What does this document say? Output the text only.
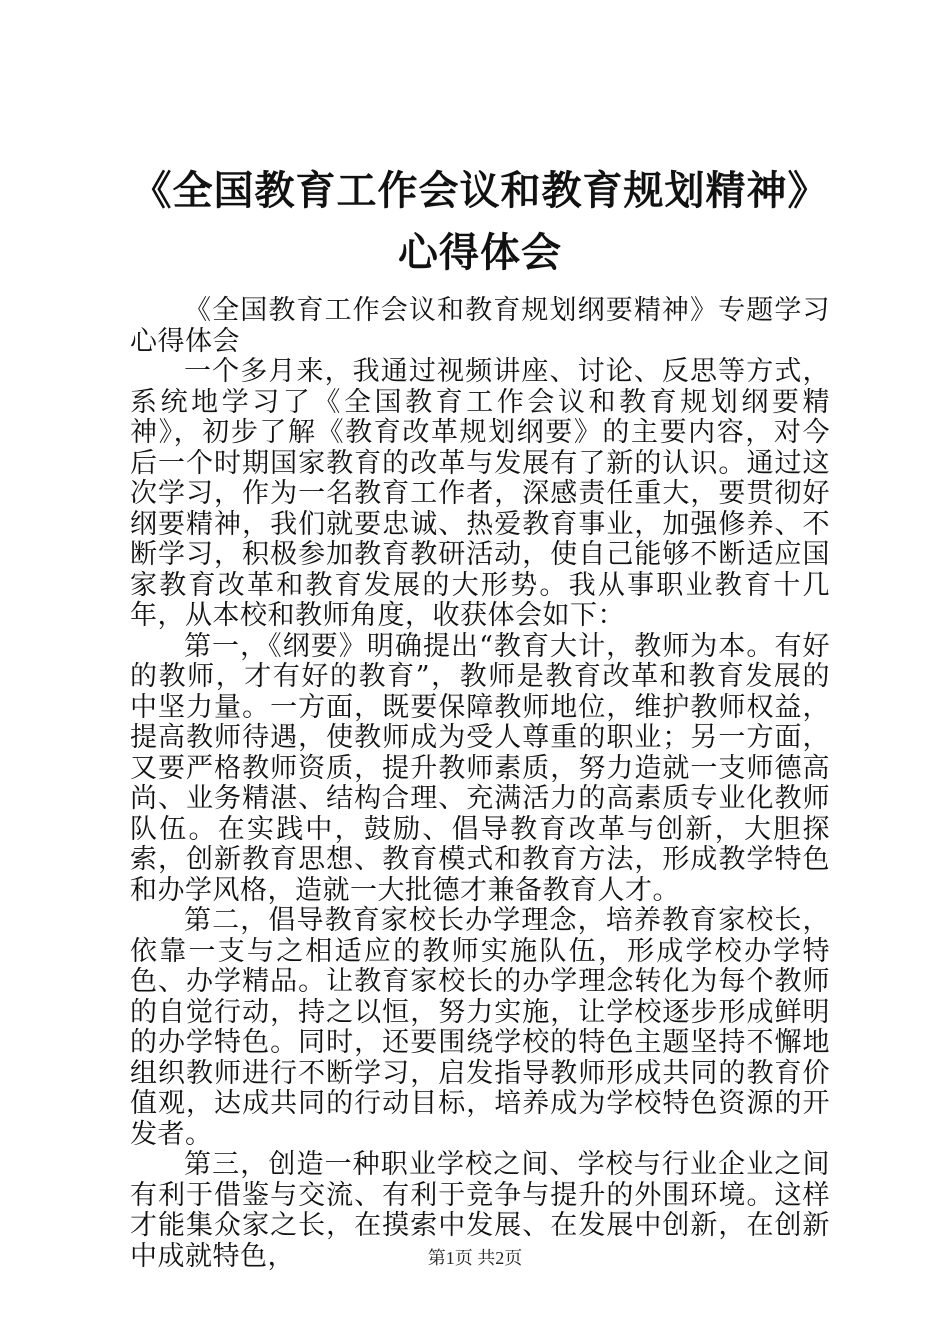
《全国教育工作会议和教育规划精神》心得体会

《全国教育工作会议和教育规划纲要精神》专题学习心得体会

一个多月来，我通过视频讲座、讨论、反思等方式，系统地学习了《全国教育工作会议和教育规划纲要精神》，初步了解《教育改革规划纲要》的主要内容，对今后一个时期国家教育的改革与发展有了新的认识。通过这次学习，作为一名教育工作者，深感责任重大，要贯彻好纲要精神，我们就要忠诚、热爱教育事业，加强修养、不断学习，积极参加教育教研活动，使自己能够不断适应国家教育改革和教育发展的大形势。我从事职业教育十几年，从本校和教师角度，收获体会如下：

第一，《纲要》明确提出“教育大计，教师为本。有好的教师，才有好的教育”，教师是教育改革和教育发展的中坚力量。一方面，既要保障教师地位，维护教师权益，提高教师待遇，使教师成为受人尊重的职业；另一方面，又要严格教师资质，提升教师素质，努力造就一支师德高尚、业务精湛、结构合理、充满活力的高素质专业化教师队伍。在实践中，鼓励、倡导教育改革与创新，大胆探索，创新教育思想、教育模式和教育方法，形成教学特色和办学风格，造就一大批德才兼备教育人才。

第二，倡导教育家校长办学理念，培养教育家校长，依靠一支与之相适应的教师实施队伍，形成学校办学特色、办学精品。让教育家校长的办学理念转化为每个教师的自觉行动，持之以恒，努力实施，让学校逐步形成鲜明的办学特色。同时，还要围绕学校的特色主题坚持不懈地组织教师进行不断学习，启发指导教师形成共同的教育价值观，达成共同的行动目标，培养成为学校特色资源的开发者。

第三，创造一种职业学校之间、学校与行业企业之间有利于借鉴与交流、有利于竞争与提升的外围环境。这样才能集众家之长，在摸索中发展、在发展中创新，在创新中成就特色，	第1页 共2页
